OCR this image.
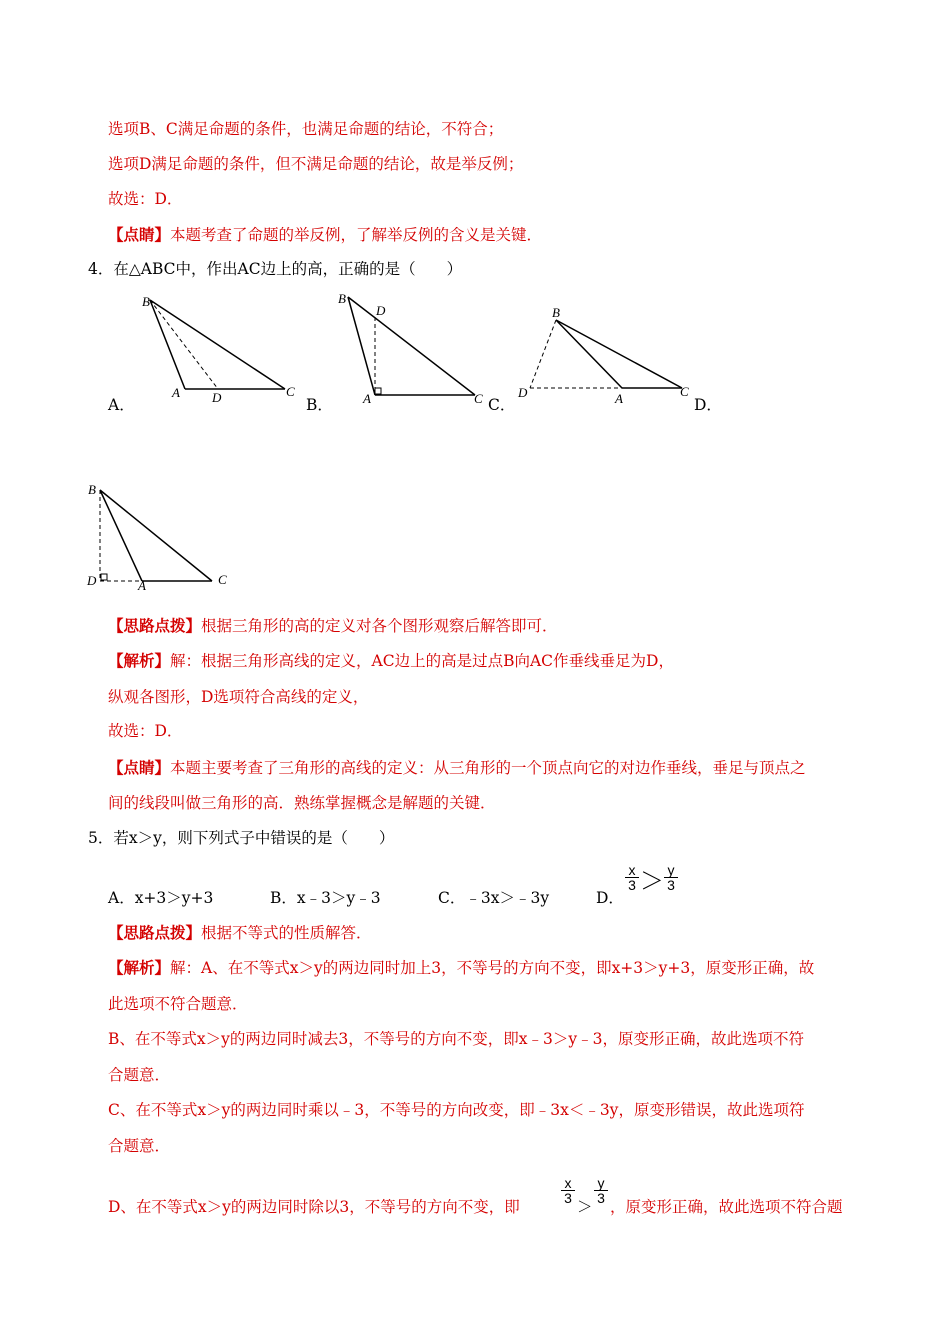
选项B、C满足命题的条件，也满足命题的结论，不符合；
选项D满足命题的条件，但不满足命题的结论，故是举反例；
故选：D．
【点睛】本题考查了命题的举反例，了解举反例的含义是关键．
4．在△ABC中，作出AC边上的高，正确的是（　　）
B
A D	C
A．
B
D
A	C
B．	C．
B
D	A	C
D．
B
D	A	C
【思路点拨】根据三角形的高的定义对各个图形观察后解答即可．
【解析】解：根据三角形高线的定义，AC边上的高是过点B向AC作垂线垂足为D，
纵观各图形，D选项符合高线的定义，
故选：D．
【点睛】本题主要考查了三角形的高线的定义：从三角形的一个顶点向它的对边作垂线，垂足与顶点之
间的线段叫做三角形的高．熟练掌握概念是解题的关键．
5．若x＞y，则下列式子中错误的是（　　）
A．x+3＞y+3	B．x﹣3＞y﹣3	C．﹣3x＞﹣3y	D．
x
3 ＞ y
3
【思路点拨】根据不等式的性质解答．
【解析】解：A、在不等式x＞y的两边同时加上3，不等号的方向不变，即x+3＞y+3，原变形正确，故
此选项不符合题意．
B、在不等式x＞y的两边同时减去3，不等号的方向不变，即x﹣3＞y﹣3，原变形正确，故此选项不符
合题意．
C、在不等式x＞y的两边同时乘以﹣3，不等号的方向改变，即﹣3x＜﹣3y，原变形错误，故此选项符
合题意．
D、在不等式x＞y的两边同时除以3，不等号的方向不变，即
x
3 ＞
y
3 ，原变形正确，故此选项不符合题
